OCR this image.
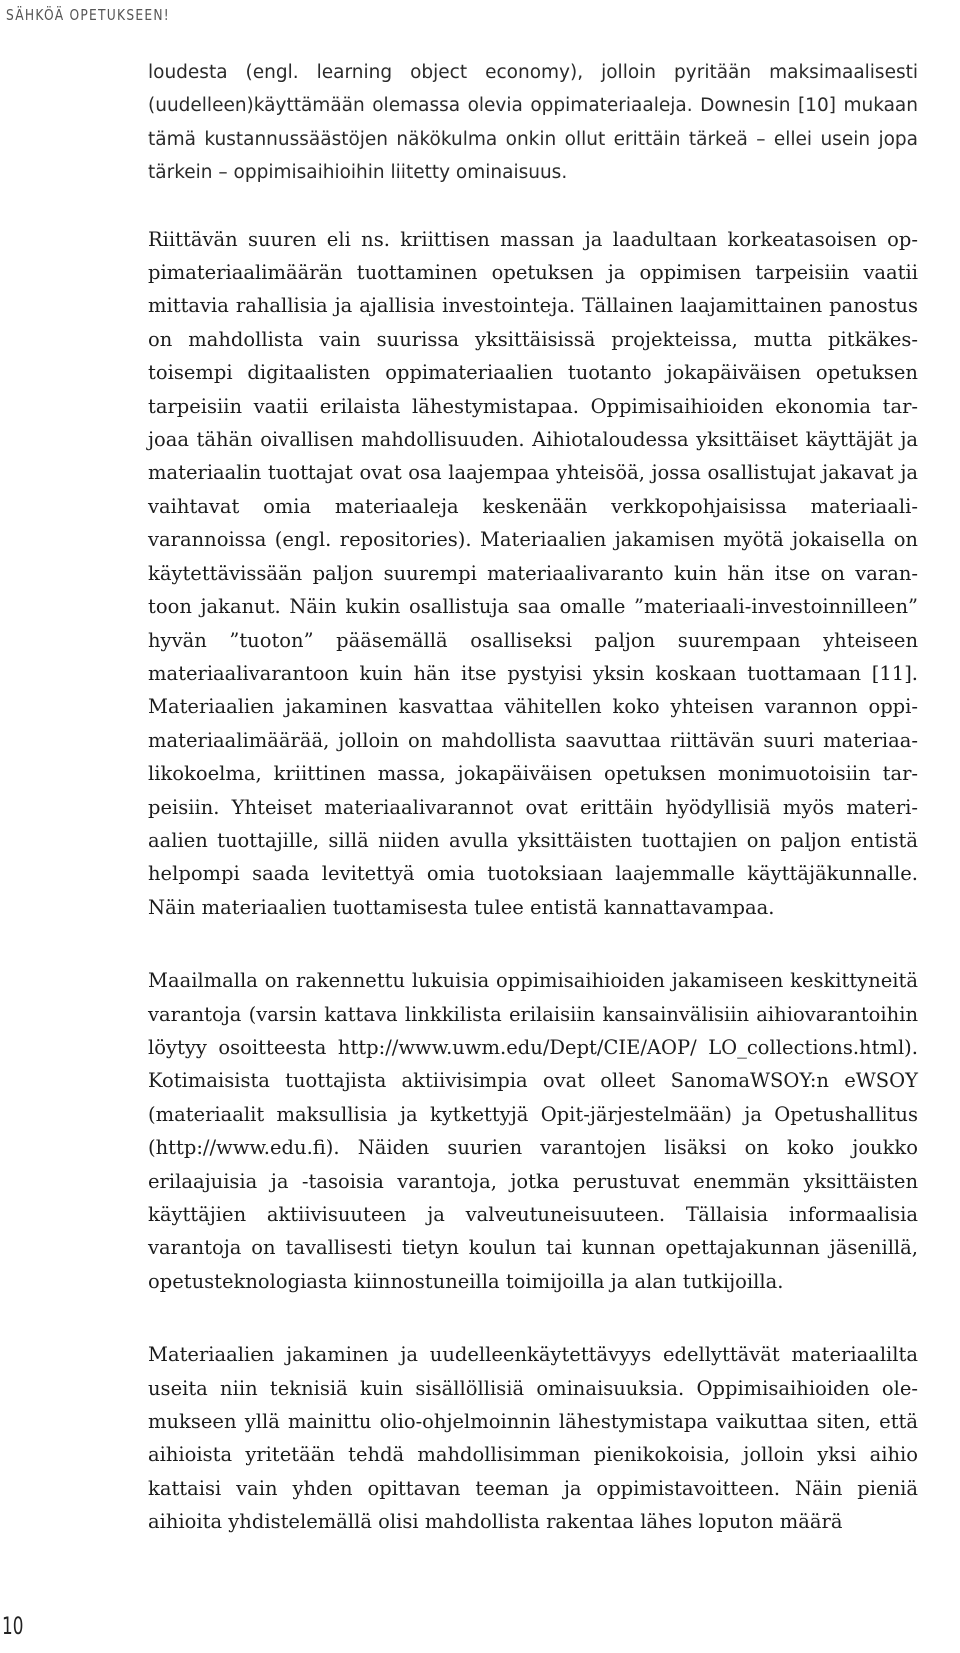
SÄHKÖÄ OPETUKSEEN!

loudesta (engl. learning object economy), jolloin pyritään maksimaalisesti (uudelleen)käyttämään olemassa olevia oppimateriaaleja. Downesin [10] mukaan tämä kustannussäästöjen näkökulma onkin ollut erittäin tärkeä – ellei usein jopa tärkein – oppimisaihioihin liitetty ominaisuus.

Riittävän suuren eli ns. kriittisen massan ja laadultaan korkeatasoisen oppimateriaalimäärän tuottaminen opetuksen ja oppimisen tarpeisiin vaatii mittavia rahallisia ja ajallisia investointeja. Tällainen laajamittainen panostus on mahdollista vain suurissa yksittäisissä projekteissa, mutta pitkäkestoisempi digitaalisten oppimateriaalien tuotanto jokapäiväisen opetuksen tarpeisiin vaatii erilaista lähestymistapaa. Oppimisaihioiden ekonomia tarjoaa tähän oivallisen mahdollisuuden. Aihiotaloudessa yksittäiset käyttäjät ja materiaalin tuottajat ovat osa laajempaa yhteisöä, jossa osallistujat jakavat ja vaihtavat omia materiaaleja keskenään verkkopohjaisissa materiaalivarannoissa (engl. repositories). Materiaalien jakamisen myötä jokaisella on käytettävissään paljon suurempi materiaalivaranto kuin hän itse on varantoon jakanut. Näin kukin osallistuja saa omalle ”materiaali-investoinnilleen” hyvän ”tuoton” pääsemällä osalliseksi paljon suurempaan yhteiseen materiaalivarantoon kuin hän itse pystyisi yksin koskaan tuottamaan [11]. Materiaalien jakaminen kasvattaa vähitellen koko yhteisen varannon oppimateriaalimäärää, jolloin on mahdollista saavuttaa riittävän suuri materiaalikokoelma, kriittinen massa, jokapäiväisen opetuksen monimuotoisiin tarpeisiin. Yhteiset materiaalivarannot ovat erittäin hyödyllisiä myös materiaalien tuottajille, sillä niiden avulla yksittäisten tuottajien on paljon entistä helpompi saada levitettyä omia tuotoksiaan laajemmalle käyttäjäkunnalle. Näin materiaalien tuottamisesta tulee entistä kannattavampaa.

Maailmalla on rakennettu lukuisia oppimisaihioiden jakamiseen keskittyneitä varantoja (varsin kattava linkkilista erilaisiin kansainvälisiin aihiovarantoihin löytyy osoitteesta http://www.uwm.edu/Dept/CIE/AOP/ LO_collections.html). Kotimaisista tuottajista aktiivisimpia ovat olleet SanomaWSOY:n eWSOY (materiaalit maksullisia ja kytkettyjä Opit-järjestelmään) ja Opetushallitus (http://www.edu.fi). Näiden suurien varantojen lisäksi on koko joukko erilaajuisia ja -tasoisia varantoja, jotka perustuvat enemmän yksittäisten käyttäjien aktiivisuuteen ja valveutuneisuuteen. Tällaisia informaalisia varantoja on tavallisesti tietyn koulun tai kunnan opettajakunnan jäsenillä, opetusteknologiasta kiinnostuneilla toimijoilla ja alan tutkijoilla.

Materiaalien jakaminen ja uudelleenkäytettävyys edellyttävät materiaalilta useita niin teknisiä kuin sisällöllisiä ominaisuuksia. Oppimisaihioiden olemukseen yllä mainittu olio-ohjelmoinnin lähestymistapa vaikuttaa siten, että aihioista yritetään tehdä mahdollisimman pienikokoisia, jolloin yksi aihio kattaisi vain yhden opittavan teeman ja oppimistavoitteen. Näin pieniä aihioita yhdistelemällä olisi mahdollista rakentaa lähes loputon määrä

10
